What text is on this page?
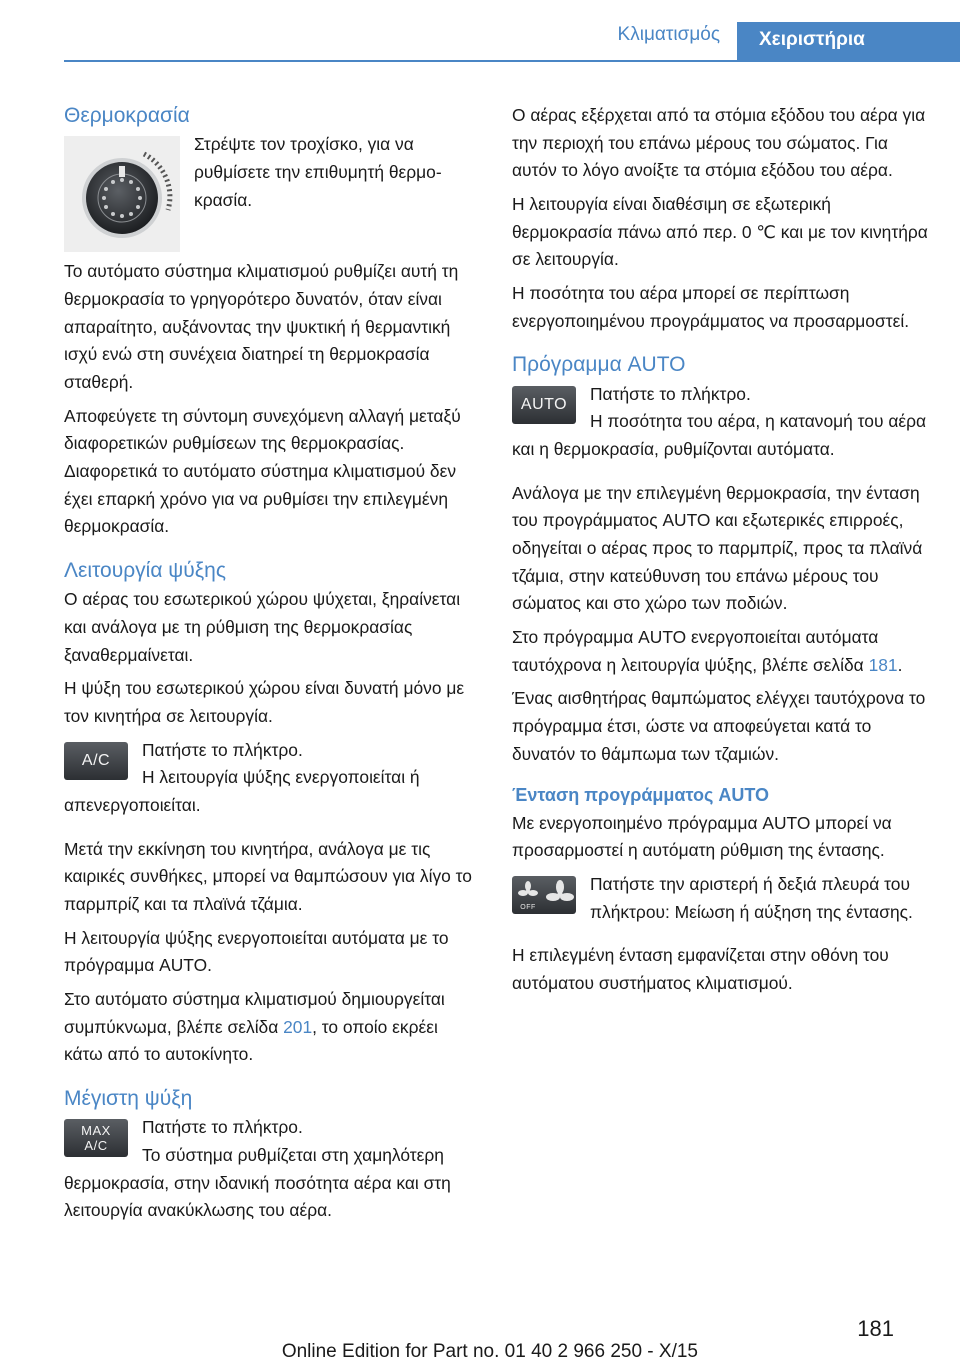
Κλιματισμός	Χειριστήρια
Θερμοκρασία

Στρέψτε τον τροχίσκο, για να ρυθμίσετε την επιθυμητή θερμοκρασία.

Το αυτόματο σύστημα κλιματισμού ρυθμίζει αυτή τη θερμοκρασία το γρηγορότερο δυνατόν, όταν είναι απαραίτητο, αυξάνοντας την ψυκτική ή θερμαντική ισχύ ενώ στη συνέχεια διατηρεί τη θερμοκρασία σταθερή.

Αποφεύγετε τη σύντομη συνεχόμενη αλλαγή μεταξύ διαφορετικών ρυθμίσεων της θερμοκρασίας. Διαφορετικά το αυτόματο σύστημα κλιματισμού δεν έχει επαρκή χρόνο για να ρυθμίσει την επιλεγμένη θερμοκρασία.

Λειτουργία ψύξης

Ο αέρας του εσωτερικού χώρου ψύχεται, ξηραίνεται και ανάλογα με τη ρύθμιση της θερμοκρασίας ξαναθερμαίνεται.

Η ψύξη του εσωτερικού χώρου είναι δυνατή μόνο με τον κινητήρα σε λειτουργία.

A/C

Πατήστε το πλήκτρο.

Η λειτουργία ψύξης ενεργοποιείται ή απενεργοποιείται.

Μετά την εκκίνηση του κινητήρα, ανάλογα με τις καιρικές συνθήκες, μπορεί να θαμπώσουν για λίγο το παρμπρίζ και τα πλαϊνά τζάμια.

Η λειτουργία ψύξης ενεργοποιείται αυτόματα με το πρόγραμμα AUTO.

Στο αυτόματο σύστημα κλιματισμού δημιουργείται συμπύκνωμα, βλέπε σελίδα 201, το οποίο εκρέει κάτω από το αυτοκίνητο.

Μέγιστη ψύξη
MAX
A/C

Πατήστε το πλήκτρο.

Το σύστημα ρυθμίζεται στη χαμηλότερη θερμοκρασία, στην ιδανική ποσότητα αέρα και στη λειτουργία ανακύκλωσης του αέρα.

Ο αέρας εξέρχεται από τα στόμια εξόδου του αέρα για την περιοχή του επάνω μέρους του σώματος. Για αυτόν το λόγο ανοίξτε τα στόμια εξόδου του αέρα.

Η λειτουργία είναι διαθέσιμη σε εξωτερική θερμοκρασία πάνω από περ. 0 ℃ και με τον κινητήρα σε λειτουργία.

Η ποσότητα του αέρα μπορεί σε περίπτωση ενεργοποιημένου προγράμματος να προσαρμοστεί.

Πρόγραμμα AUTO
AUTO

Πατήστε το πλήκτρο.

Η ποσότητα του αέρα, η κατανομή του αέρα και η θερμοκρασία, ρυθμίζονται αυτόματα.

Ανάλογα με την επιλεγμένη θερμοκρασία, την ένταση του προγράμματος AUTO και εξωτερικές επιρροές, οδηγείται ο αέρας προς το παρμπρίζ, προς τα πλαϊνά τζάμια, στην κατεύθυνση του επάνω μέρους του σώματος και στο χώρο των ποδιών.

Στο πρόγραμμα AUTO ενεργοποιείται αυτόματα ταυτόχρονα η λειτουργία ψύξης, βλέπε σελίδα 181.

Ένας αισθητήρας θαμπώματος ελέγχει ταυτόχρονα το πρόγραμμα έτσι, ώστε να αποφεύγεται κατά το δυνατόν το θάμπωμα των τζαμιών.

Ένταση προγράμματος AUTO

Με ενεργοποιημένο πρόγραμμα AUTO μπορεί να προσαρμοστεί η αυτόματη ρύθμιση της έντασης.

OFF

Πατήστε την αριστερή ή δεξιά πλευρά του πλήκτρου: Μείωση ή αύξηση της έντασης.

Η επιλεγμένη ένταση εμφανίζεται στην οθόνη του αυτόματου συστήματος κλιματισμού.

181
Online Edition for Part no. 01 40 2 966 250 - X/15
